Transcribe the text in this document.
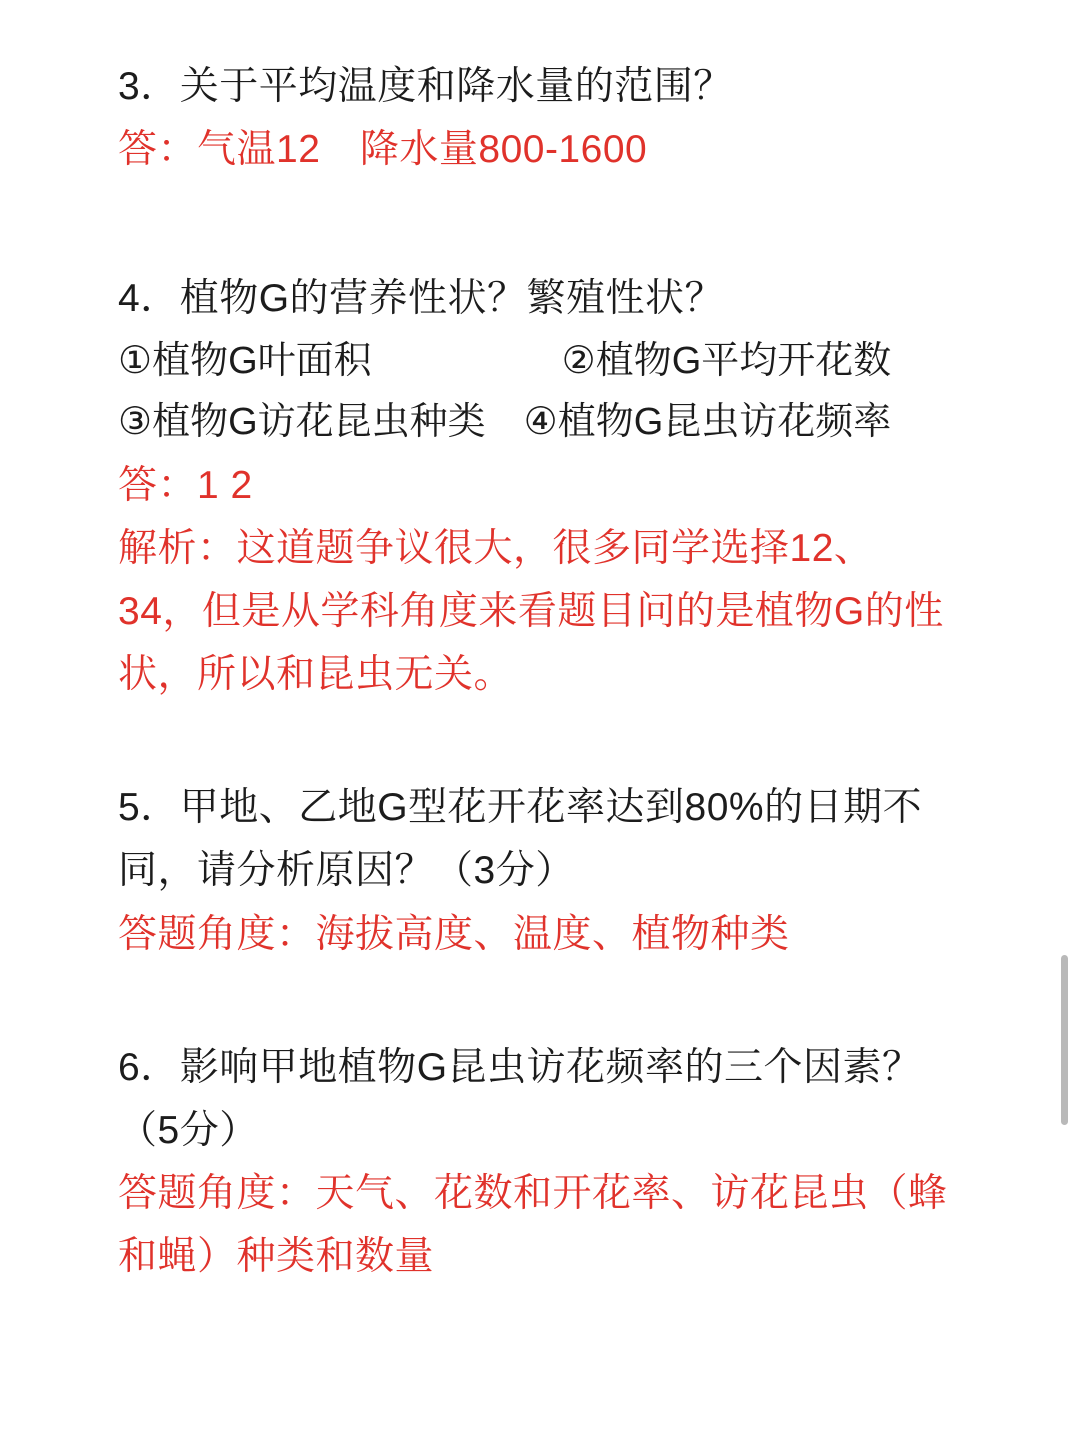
3．关于平均温度和降水量的范围？
答：气温12　降水量800-1600
4．植物G的营养性状？繁殖性状？
①植物G叶面积　　　　　②植物G平均开花数
③植物G访花昆虫种类　④植物G昆虫访花频率
答：1 2
解析：这道题争议很大，很多同学选择12、
34，但是从学科角度来看题目问的是植物G的性
状，所以和昆虫无关。
5．甲地、乙地G型花开花率达到80%的日期不
同，请分析原因？（3分）
答题角度：海拔高度、温度、植物种类
6．影响甲地植物G昆虫访花频率的三个因素？
（5分）
答题角度：天气、花数和开花率、访花昆虫（蜂
和蝇）种类和数量
